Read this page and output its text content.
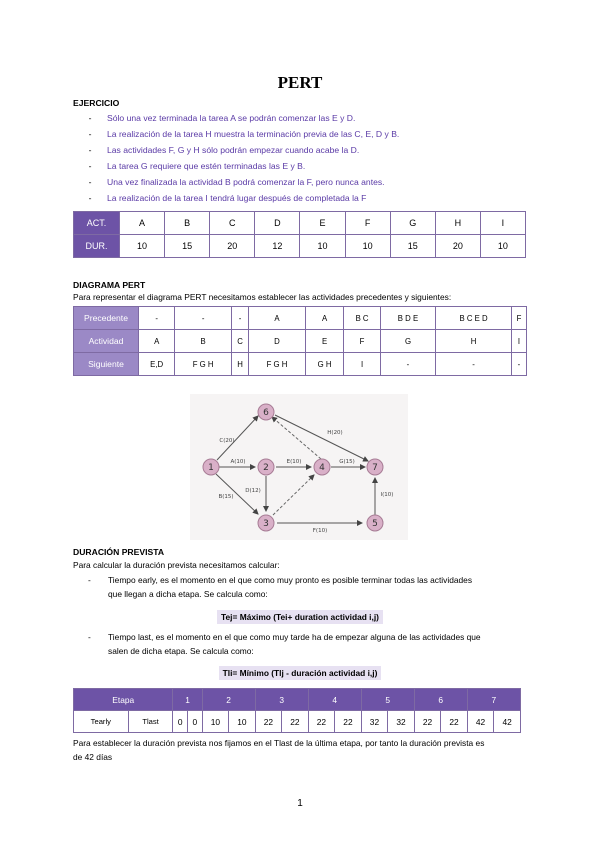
PERT
EJERCICIO
- Sólo una vez terminada la tarea A se podrán comenzar las E y D.
- La realización de la tarea H muestra la terminación previa de las C, E, D y B.
- Las actividades F, G y H sólo podrán empezar cuando acabe la D.
- La tarea G requiere que estén terminadas las E y B.
- Una vez finalizada la actividad B podrá comenzar la F, pero nunca antes.
- La realización de la tarea I tendrá lugar después de completada la F
ACT.	A	B	C	D	E	F	G	H	I
DUR.	10	15	20	12	10	10	15	20	10
DIAGRAMA PERT
Para representar el diagrama PERT necesitamos establecer las actividades precedentes y siguientes:
Precedente	-	-	-	A	A	B C	B D E	B C E D	F
Actividad	A	B	C	D	E	F	G	H	I
Siguiente	E,D	F G H	H	F G H	G H	I	-	-	-
6
1	2	4	7
3	5
C(20)
H(20)
B(15)
E(10)	G(15)
A(10)
D(12)
I(10)
F(10)
DURACIÓN PREVISTA
Para calcular la duración prevista necesitamos calcular:
- Tiempo early, es el momento en el que como muy pronto es posible terminar todas las actividades
que llegan a dicha etapa. Se calcula como:
Tej= Máximo (Tei+ duration actividad i,j)
- Tiempo last, es el momento en el que como muy tarde ha de empezar alguna de las actividades que
salen de dicha etapa. Se calcula como:
Tli= Mínimo (Tlj - duración actividad i,j)
Etapa		1		2		3		4		5		6		7	
Tearly	Tlast	0	0	10	10	22	22	22	22	32	32	22	22	42	42
Para establecer la duración prevista nos fijamos en el Tlast de la última etapa, por tanto la duración prevista es
de 42 días
1
